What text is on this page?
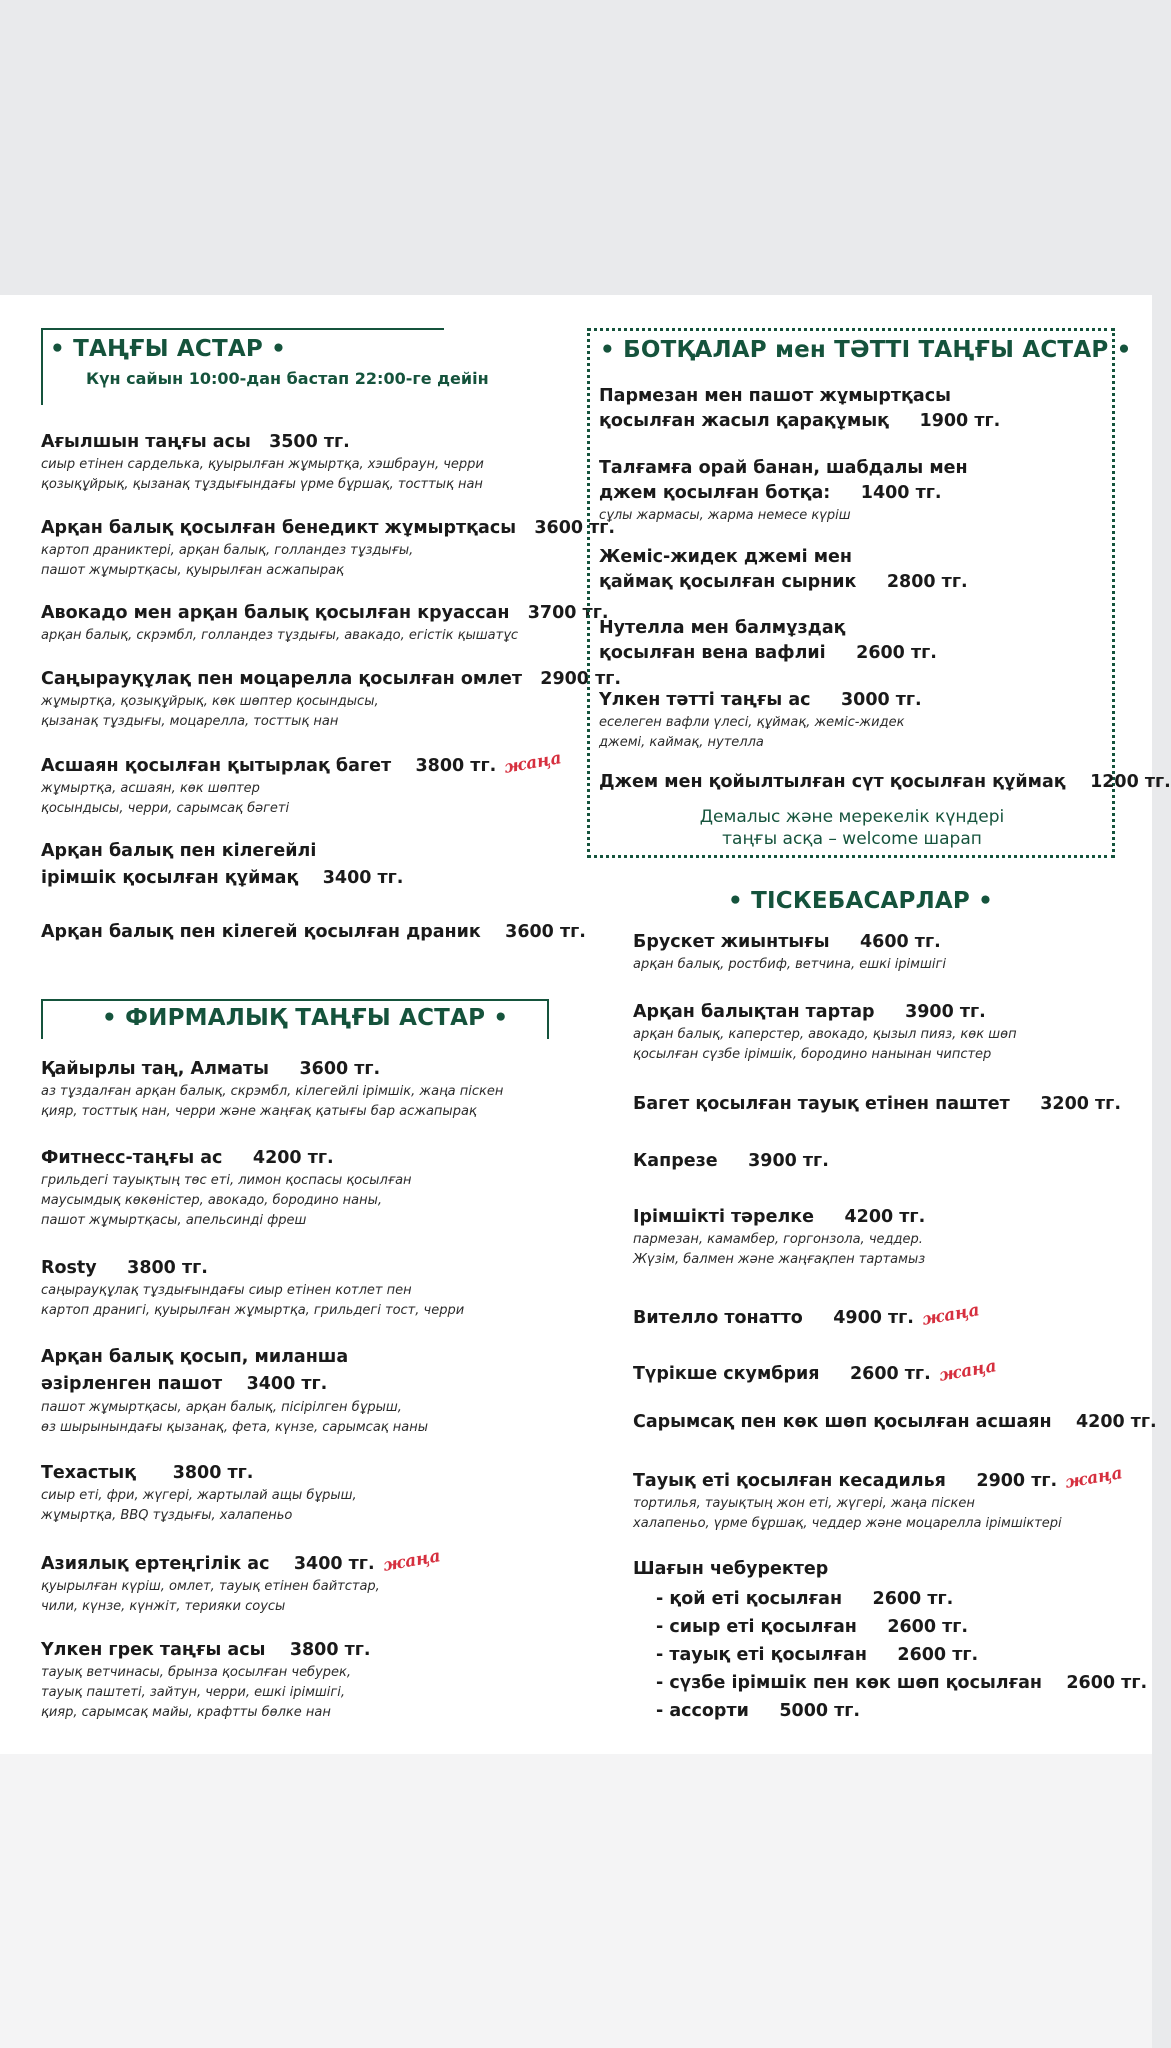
• ТАҢҒЫ АСТАР •
Күн сайын 10:00-дан бастап 22:00-ге дейін
Ағылшын таңғы асы 3500 тг.
сиыр етінен сарделька, қуырылған жұмыртқа, хэшбраун, черри
қозықұйрық, қызанақ тұздығындағы үрме бұршақ, тосттық нан
Арқан балық қосылған бенедикт жұмыртқасы 3600 тг.
картоп драниктері, арқан балық, голландез тұздығы,
пашот жұмыртқасы, қуырылған асжапырақ
Авокадо мен арқан балық қосылған круассан 3700 тг.
арқан балық, скрэмбл, голландез тұздығы, авакадо, егістік қышатұс
Саңырауқұлақ пен моцарелла қосылған омлет 2900 тг.
жұмыртқа, қозықұйрық, көк шөптер қосындысы,
қызанақ тұздығы, моцарелла, тосттық нан
Асшаян қосылған қытырлақ багет 3800 тг. жаңа
жұмыртқа, асшаян, көк шөптер
қосындысы, черри, сарымсақ бәгеті
Арқан балық пен кілегейлі
ірімшік қосылған құймақ 3400 тг.
Арқан балық пен кілегей қосылған драник 3600 тг.
• ФИРМАЛЫҚ ТАҢҒЫ АСТАР •
Қайырлы таң, Алматы 3600 тг.
аз тұздалған арқан балық, скрэмбл, кілегейлі ірімшік, жаңа піскен
қияр, тосттық нан, черри және жаңғақ қатығы бар асжапырақ
Фитнесс-таңғы ас 4200 тг.
грильдегі тауықтың төс еті, лимон қоспасы қосылған
маусымдық көкөністер, авокадо, бородино наны,
пашот жұмыртқасы, апельсинді фреш
Rosty 3800 тг.
саңырауқұлақ тұздығындағы сиыр етінен котлет пен
картоп дранигі, қуырылған жұмыртқа, грильдегі тост, черри
Арқан балық қосып, миланша
әзірленген пашот 3400 тг.
пашот жұмыртқасы, арқан балық, пісірілген бұрыш,
өз шырынындағы қызанақ, фета, күнзе, сарымсақ наны
Техастық 3800 тг.
сиыр еті, фри, жүгері, жартылай ащы бұрыш,
жұмыртқа, BBQ тұздығы, халапеньо
Азиялық ертеңгілік ас 3400 тг. жаңа
қуырылған күріш, омлет, тауық етінен байтстар,
чили, күнзе, күнжіт, терияки соусы
Үлкен грек таңғы асы 3800 тг.
тауық ветчинасы, брынза қосылған чебурек,
тауық паштеті, зайтун, черри, ешкі ірімшігі,
қияр, сарымсақ майы, крафтты бөлке нан
• БОТҚАЛАР мен ТӘТТІ ТАҢҒЫ АСТАР •
Пармезан мен пашот жұмыртқасы
қосылған жасыл қарақұмық 1900 тг.
Талғамға орай банан, шабдалы мен
джем қосылған ботқа: 1400 тг.
сұлы жармасы, жарма немесе күріш
Жеміс-жидек джемі мен
қаймақ қосылған сырник 2800 тг.
Нутелла мен балмұздақ
қосылған вена вафлиі 2600 тг.
Үлкен тәтті таңғы ас 3000 тг.
еселеген вафли үлесі, құймақ, жеміс-жидек
джемі, каймақ, нутелла
Джем мен қойылтылған сүт қосылған құймақ 1200 тг.
Демалыс және мерекелік күндері
таңғы асқа – welcome шарап
• ТІСКЕБАСАРЛАР •
Брускет жиынтығы 4600 тг.
арқан балық, ростбиф, ветчина, ешкі ірімшігі
Арқан балықтан тартар 3900 тг.
арқан балық, каперстер, авокадо, қызыл пияз, көк шөп
қосылған сүзбе ірімшік, бородино нанынан чипстер
Багет қосылған тауық етінен паштет 3200 тг.
Капрезе 3900 тг.
Ірімшікті тәрелке 4200 тг.
пармезан, камамбер, горгонзола, чеддер.
Жүзім, балмен және жаңғақпен тартамыз
Вителло тонатто 4900 тг. жаңа
Түрікше скумбрия 2600 тг. жаңа
Сарымсақ пен көк шөп қосылған асшаян 4200 тг.
Тауық еті қосылған кесадилья 2900 тг. жаңа
тортилья, тауықтың жон еті, жүгері, жаңа піскен
халапеньо, үрме бұршақ, чеддер және моцарелла ірімшіктері
Шағын чебуректер
- қой еті қосылған 2600 тг.
- сиыр еті қосылған 2600 тг.
- тауық еті қосылған 2600 тг.
- сүзбе ірімшік пен көк шөп қосылған 2600 тг.
- ассорти 5000 тг.
